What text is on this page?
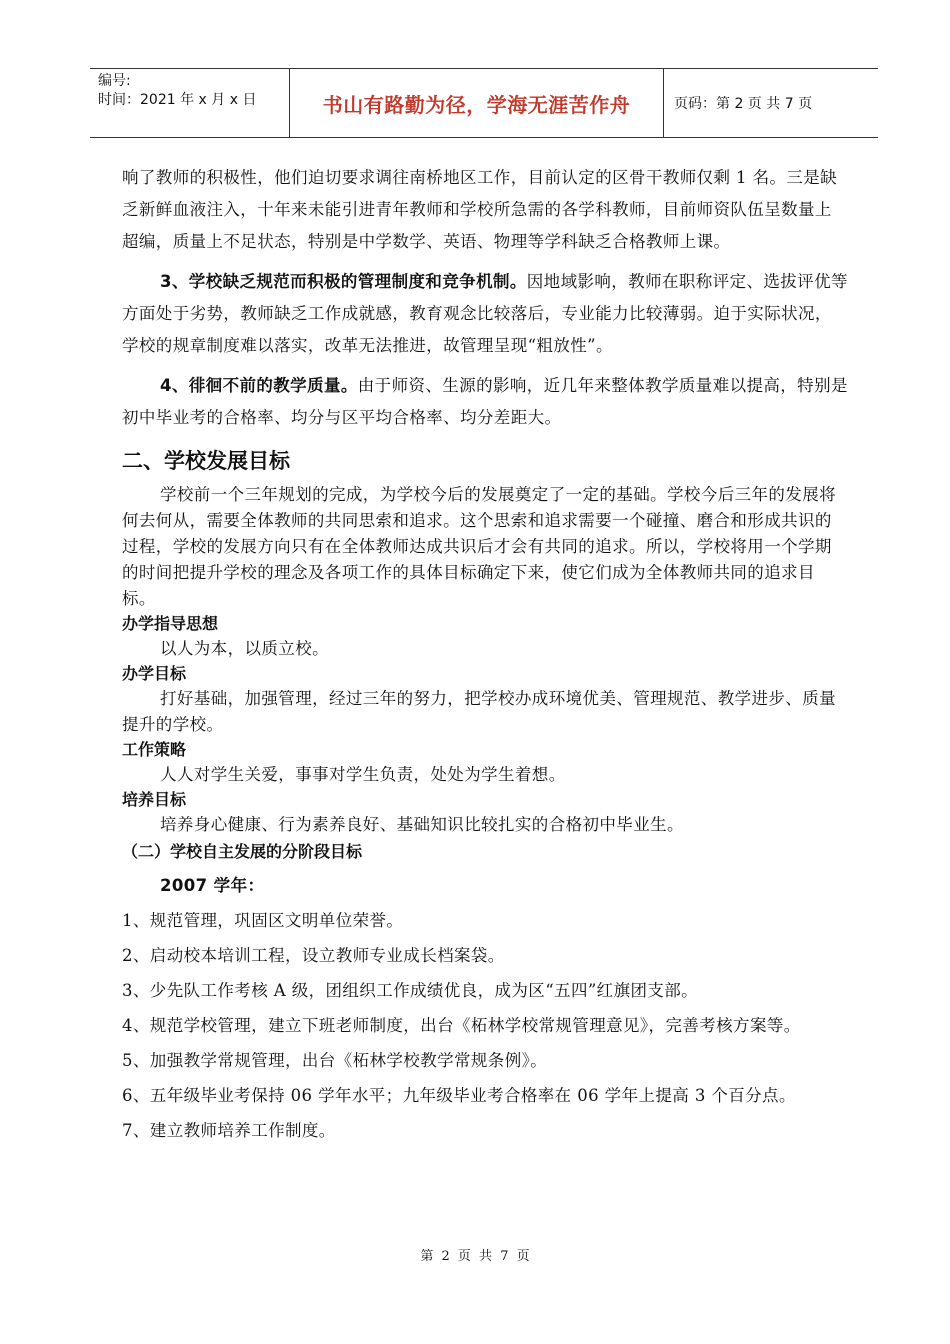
编号:
时间：2021 年 x 月 x 日	书山有路勤为径，学海无涯苦作舟	页码：第 2 页 共 7 页

响了教师的积极性，他们迫切要求调往南桥地区工作，目前认定的区骨干教师仅剩 1 名。三是缺乏新鲜血液注入，十年来未能引进青年教师和学校所急需的各学科教师，目前师资队伍呈数量上超编，质量上不足状态，特别是中学数学、英语、物理等学科缺乏合格教师上课。

3、学校缺乏规范而积极的管理制度和竞争机制。因地域影响，教师在职称评定、选拔评优等方面处于劣势，教师缺乏工作成就感，教育观念比较落后，专业能力比较薄弱。迫于实际状况，学校的规章制度难以落实，改革无法推进，故管理呈现“粗放性”。

4、徘徊不前的教学质量。由于师资、生源的影响，近几年来整体教学质量难以提高，特别是初中毕业考的合格率、均分与区平均合格率、均分差距大。

二、学校发展目标

学校前一个三年规划的完成，为学校今后的发展奠定了一定的基础。学校今后三年的发展将何去何从，需要全体教师的共同思索和追求。这个思索和追求需要一个碰撞、磨合和形成共识的过程，学校的发展方向只有在全体教师达成共识后才会有共同的追求。所以，学校将用一个学期的时间把提升学校的理念及各项工作的具体目标确定下来，使它们成为全体教师共同的追求目标。

办学指导思想

以人为本，以质立校。

办学目标

打好基础，加强管理，经过三年的努力，把学校办成环境优美、管理规范、教学进步、质量提升的学校。

工作策略

人人对学生关爱，事事对学生负责，处处为学生着想。

培养目标

培养身心健康、行为素养良好、基础知识比较扎实的合格初中毕业生。

（二）学校自主发展的分阶段目标

2007 学年：

1、规范管理，巩固区文明单位荣誉。

2、启动校本培训工程，设立教师专业成长档案袋。

3、少先队工作考核 A 级，团组织工作成绩优良，成为区“五四”红旗团支部。

4、规范学校管理，建立下班老师制度，出台《柘林学校常规管理意见》，完善考核方案等。

5、加强教学常规管理，出台《柘林学校教学常规条例》。

6、五年级毕业考保持 06 学年水平；九年级毕业考合格率在 06 学年上提高 3 个百分点。

7、建立教师培养工作制度。

第 2 页 共 7 页
